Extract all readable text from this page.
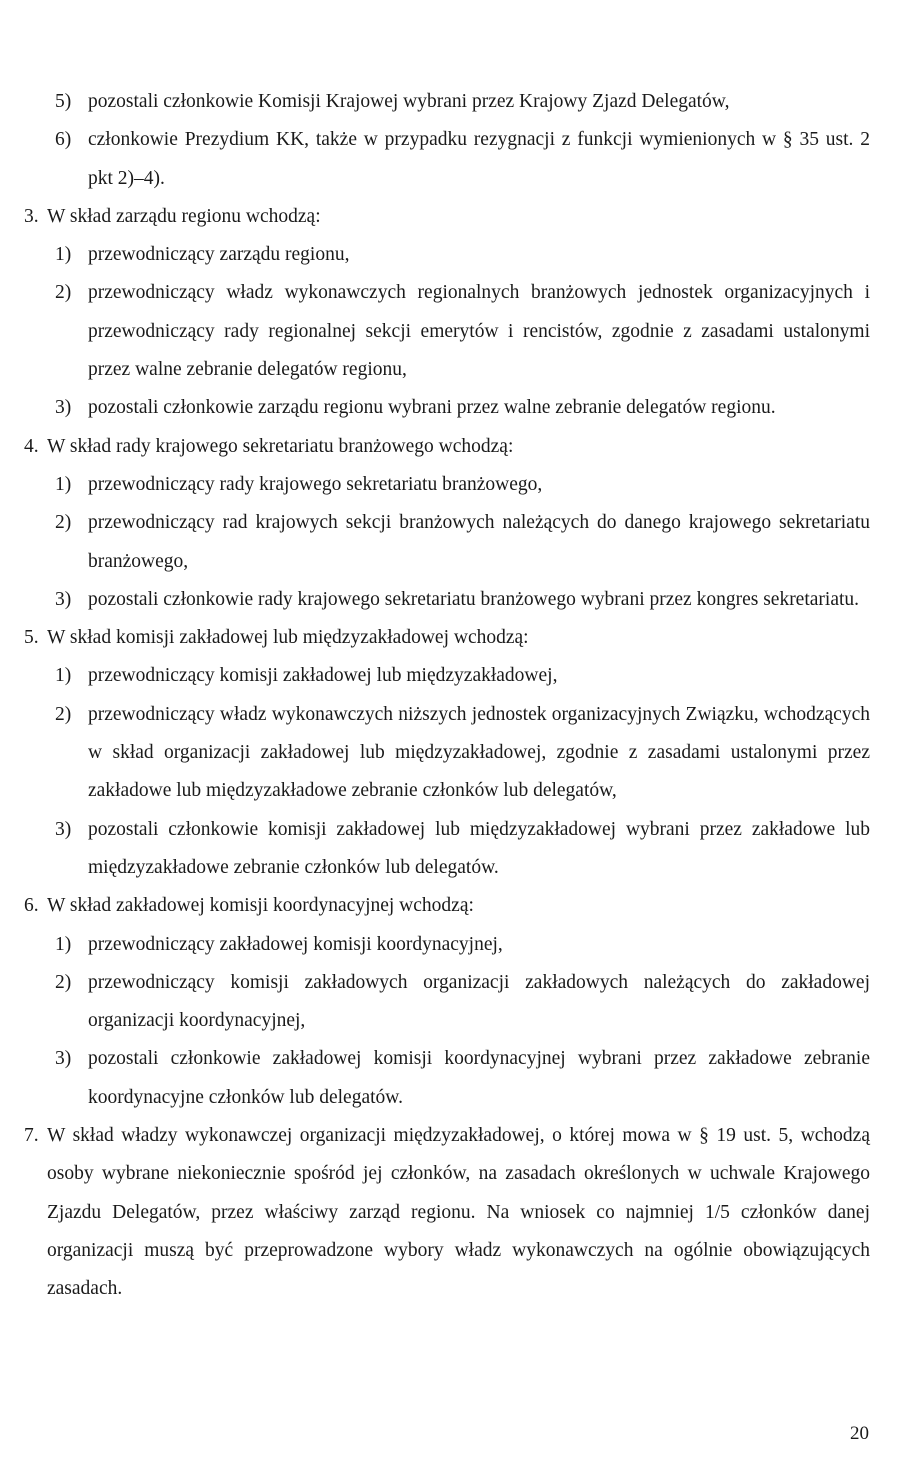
5) pozostali członkowie Komisji Krajowej wybrani przez Krajowy Zjazd Delegatów,
6) członkowie Prezydium KK, także w przypadku rezygnacji z funkcji wymienionych w § 35 ust. 2 pkt 2)–4).
3. W skład zarządu regionu wchodzą:
1) przewodniczący zarządu regionu,
2) przewodniczący władz wykonawczych regionalnych branżowych jednostek organizacyjnych i przewodniczący rady regionalnej sekcji emerytów i rencistów, zgodnie z zasadami ustalonymi przez walne zebranie delegatów regionu,
3) pozostali członkowie zarządu regionu wybrani przez walne zebranie delegatów regionu.
4. W skład rady krajowego sekretariatu branżowego wchodzą:
1) przewodniczący rady krajowego sekretariatu branżowego,
2) przewodniczący rad krajowych sekcji branżowych należących do danego krajowego sekretariatu branżowego,
3) pozostali członkowie rady krajowego sekretariatu branżowego wybrani przez kongres sekretariatu.
5. W skład komisji zakładowej lub międzyzakładowej wchodzą:
1) przewodniczący komisji zakładowej lub międzyzakładowej,
2) przewodniczący władz wykonawczych niższych jednostek organizacyjnych Związku, wchodzących w skład organizacji zakładowej lub międzyzakładowej, zgodnie z zasadami ustalonymi przez zakładowe lub międzyzakładowe zebranie członków lub delegatów,
3) pozostali członkowie komisji zakładowej lub międzyzakładowej wybrani przez zakładowe lub międzyzakładowe zebranie członków lub delegatów.
6. W skład zakładowej komisji koordynacyjnej wchodzą:
1) przewodniczący zakładowej komisji koordynacyjnej,
2) przewodniczący komisji zakładowych organizacji zakładowych należących do zakładowej organizacji koordynacyjnej,
3) pozostali członkowie zakładowej komisji koordynacyjnej wybrani przez zakładowe zebranie koordynacyjne członków lub delegatów.
7. W skład władzy wykonawczej organizacji międzyzakładowej, o której mowa w § 19 ust. 5, wchodzą osoby wybrane niekoniecznie spośród jej członków, na zasadach określonych w uchwale Krajowego Zjazdu Delegatów, przez właściwy zarząd regionu. Na wniosek co najmniej 1/5 członków danej organizacji muszą być przeprowadzone wybory władz wykonawczych na ogólnie obowiązujących zasadach.
20
